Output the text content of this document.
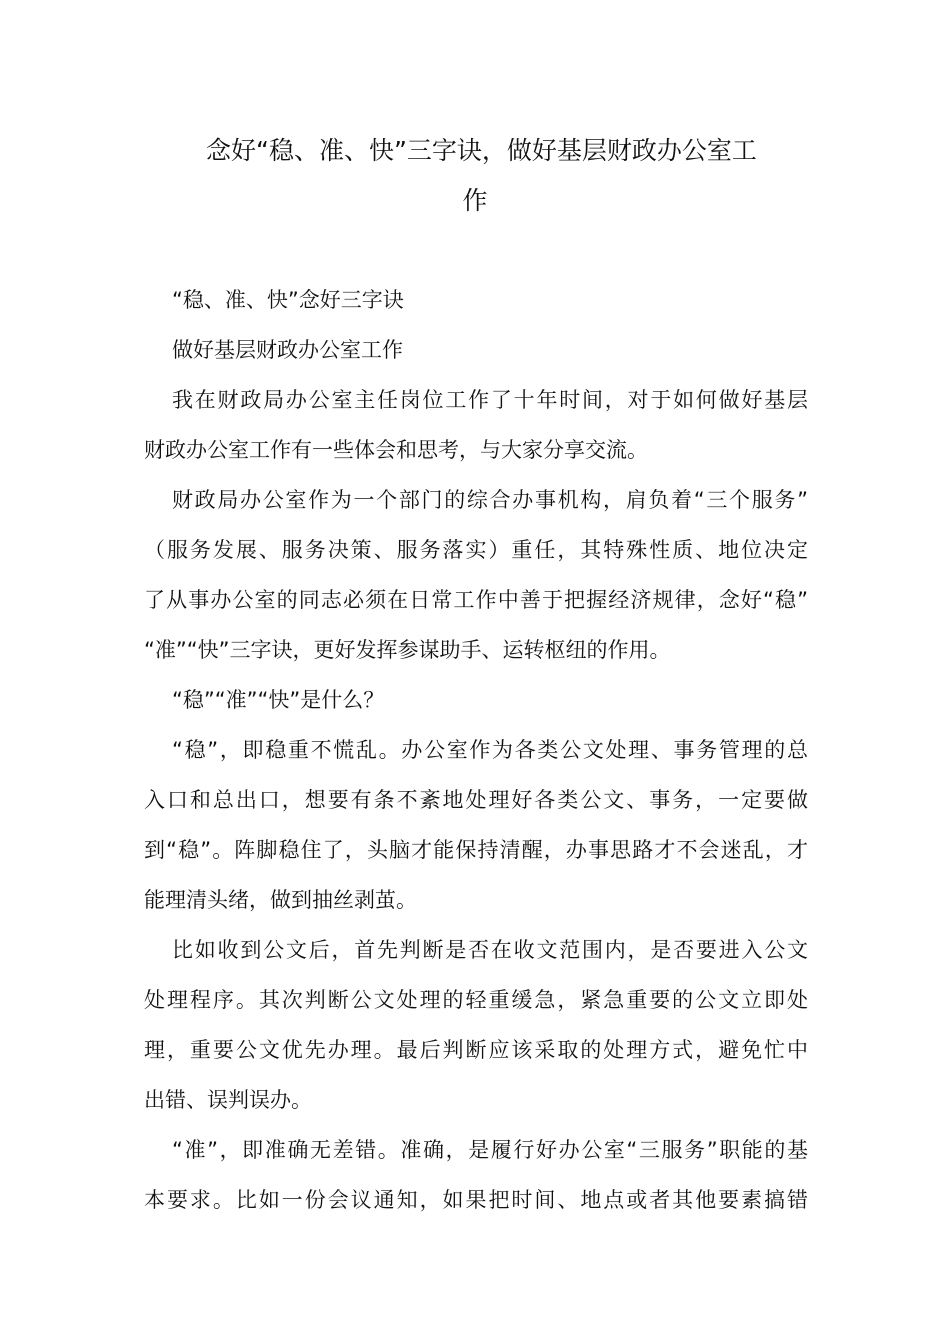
念好“稳、准、快”三字诀，做好基层财政办公室工
作
“稳、准、快”念好三字诀
做好基层财政办公室工作
我在财政局办公室主任岗位工作了十年时间，对于如何做好基层
财政办公室工作有一些体会和思考，与大家分享交流。
财政局办公室作为一个部门的综合办事机构，肩负着“三个服务”
（服务发展、服务决策、服务落实）重任，其特殊性质、地位决定
了从事办公室的同志必须在日常工作中善于把握经济规律，念好“稳”
“准”“快”三字诀，更好发挥参谋助手、运转枢纽的作用。
“稳”“准”“快”是什么？
“稳”，即稳重不慌乱。办公室作为各类公文处理、事务管理的总
入口和总出口，想要有条不紊地处理好各类公文、事务，一定要做
到“稳”。阵脚稳住了，头脑才能保持清醒，办事思路才不会迷乱，才
能理清头绪，做到抽丝剥茧。
比如收到公文后，首先判断是否在收文范围内，是否要进入公文
处理程序。其次判断公文处理的轻重缓急，紧急重要的公文立即处
理，重要公文优先办理。最后判断应该采取的处理方式，避免忙中
出错、误判误办。
“准”，即准确无差错。准确，是履行好办公室“三服务”职能的基
本要求。比如一份会议通知，如果把时间、地点或者其他要素搞错
